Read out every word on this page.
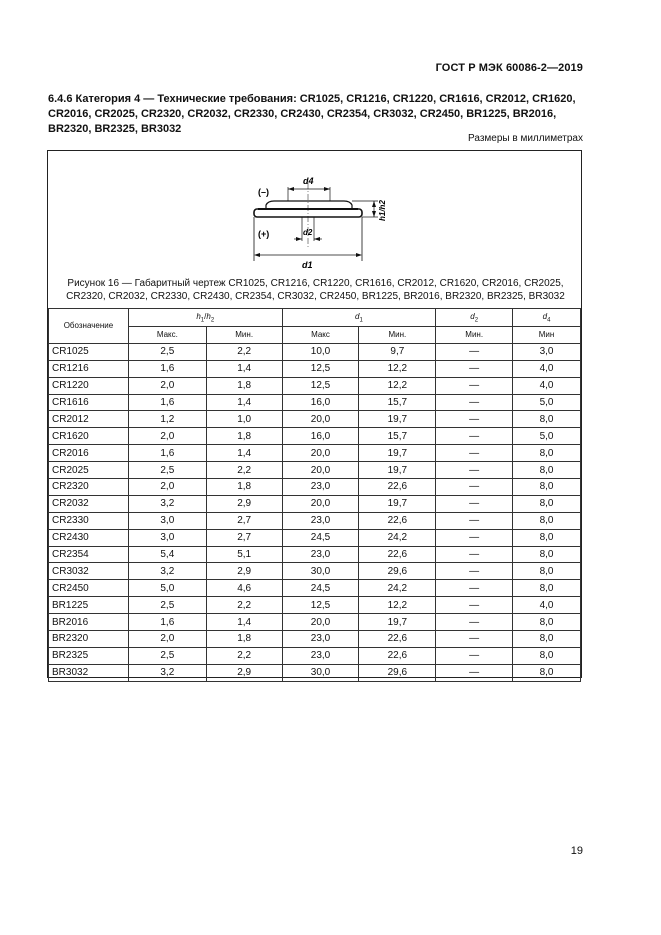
ГОСТ Р МЭК 60086-2—2019
6.4.6 Категория 4 — Технические требования: CR1025, CR1216, CR1220, CR1616, CR2012, CR1620, CR2016, CR2025, CR2320, CR2032, CR2330, CR2430, CR2354, CR3032, CR2450, BR1225, BR2016, BR2320, BR2325, BR3032
Размеры в миллиметрах
(–)
(+)
d4
d2
d1
h1/h2
Рисунок 16 — Габаритный чертеж CR1025, CR1216, CR1220, CR1616, CR2012, CR1620, CR2016, CR2025, CR2320, CR2032, CR2330, CR2430, CR2354, CR3032, CR2450, BR1225, BR2016, BR2320, BR2325, BR3032
Обозначение	$h_1/h_2$		$d_1$		$d_2$	$d_4$
	Макс.	Мин.	Макс	Мин.	Мин.	Мин
CR1025	2,5	2,2	10,0	9,7	—	3,0
CR1216	1,6	1,4	12,5	12,2	—	4,0
CR1220	2,0	1,8	12,5	12,2	—	4,0
CR1616	1,6	1,4	16,0	15,7	—	5,0
CR2012	1,2	1,0	20,0	19,7	—	8,0
CR1620	2,0	1,8	16,0	15,7	—	5,0
CR2016	1,6	1,4	20,0	19,7	—	8,0
CR2025	2,5	2,2	20,0	19,7	—	8,0
CR2320	2,0	1,8	23,0	22,6	—	8,0
CR2032	3,2	2,9	20,0	19,7	—	8,0
CR2330	3,0	2,7	23,0	22,6	—	8,0
CR2430	3,0	2,7	24,5	24,2	—	8,0
CR2354	5,4	5,1	23,0	22,6	—	8,0
CR3032	3,2	2,9	30,0	29,6	—	8,0
CR2450	5,0	4,6	24,5	24,2	—	8,0
BR1225	2,5	2,2	12,5	12,2	—	4,0
BR2016	1,6	1,4	20,0	19,7	—	8,0
BR2320	2,0	1,8	23,0	22,6	—	8,0
BR2325	2,5	2,2	23,0	22,6	—	8,0
BR3032	3,2	2,9	30,0	29,6	—	8,0
19
